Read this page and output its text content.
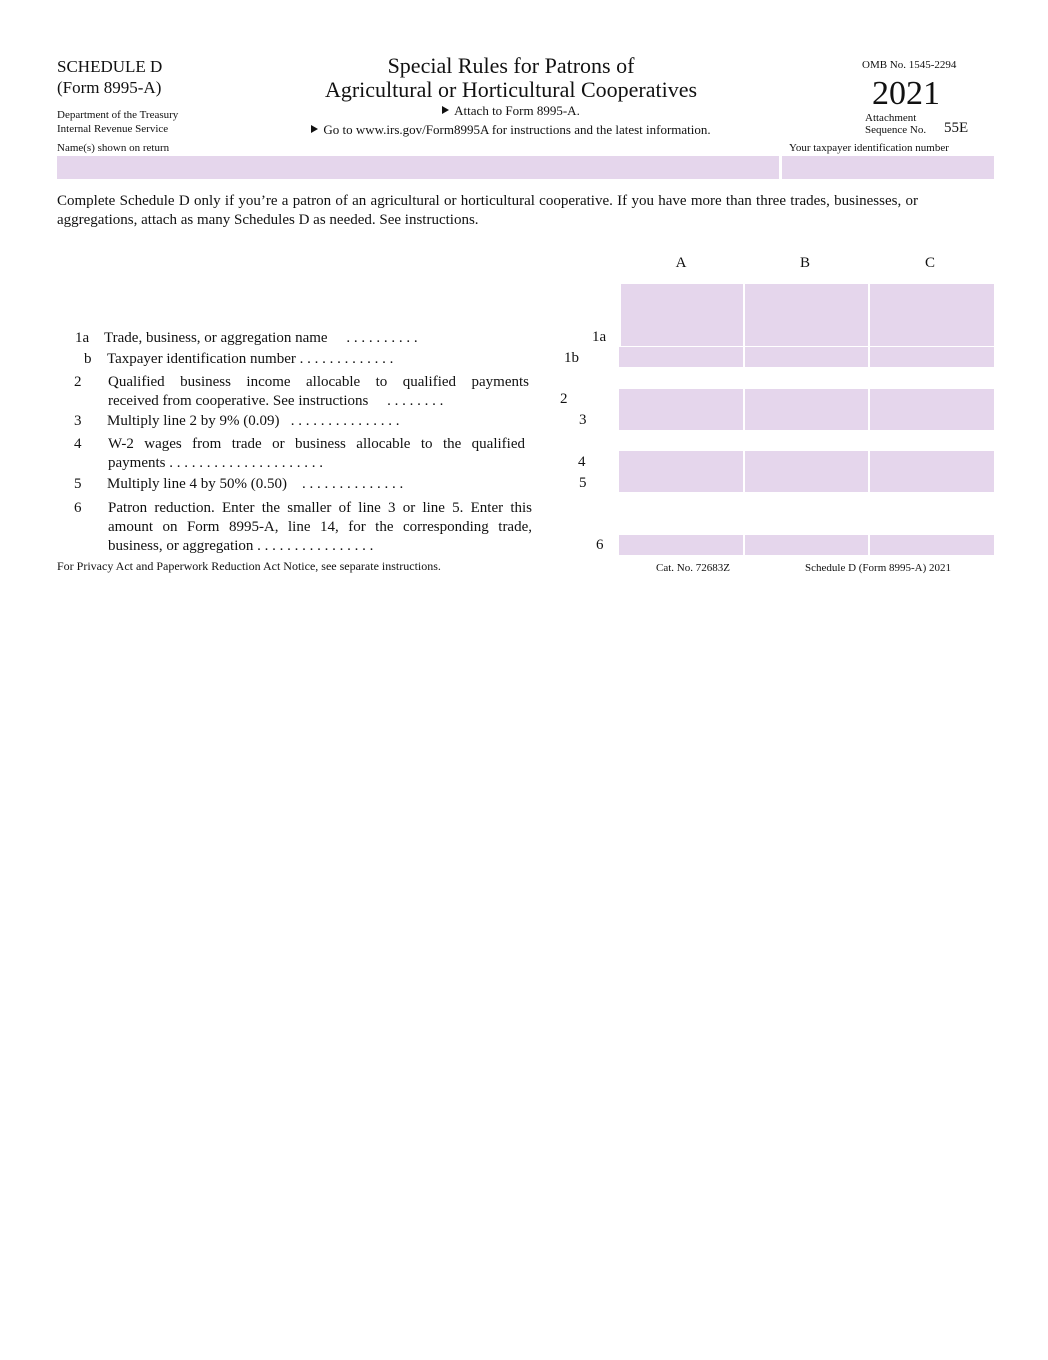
SCHEDULE D
(Form 8995-A)
Department of the Treasury
Internal Revenue Service
Special Rules for Patrons of
Agricultural or Horticultural Cooperatives
Attach to Form 8995-A.
Go to www.irs.gov/Form8995A for instructions and the latest information.
OMB No. 1545-2294
2021
Attachment
Sequence No. 55E
Name(s) shown on return	Your taxpayer identification number
Complete Schedule D only if you’re a patron of an agricultural or horticultural cooperative. If you have more than three trades, businesses, or aggregations, attach as many Schedules D as needed. See instructions.
A	B	C
1a Trade, business, or aggregation name . . . . . . . . . .	1a
b Taxpayer identification number . . . . . . . . . . . . .	1b
2 Qualified business income allocable to qualified payments
received from cooperative. See instructions . . . . . . . .	2
3 Multiply line 2 by 9% (0.09) . . . . . . . . . . . . . . .	3
4 W-2 wages from trade or business allocable to the qualified
payments . . . . . . . . . . . . . . . . . . . . .	4
5 Multiply line 4 by 50% (0.50) . . . . . . . . . . . . . .	5
6 Patron reduction. Enter the smaller of line 3 or line 5. Enter this
amount on Form 8995-A, line 14, for the corresponding trade,
business, or aggregation . . . . . . . . . . . . . . . .	6
For Privacy Act and Paperwork Reduction Act Notice, see separate instructions.	Cat. No. 72683Z	Schedule D (Form 8995-A) 2021
